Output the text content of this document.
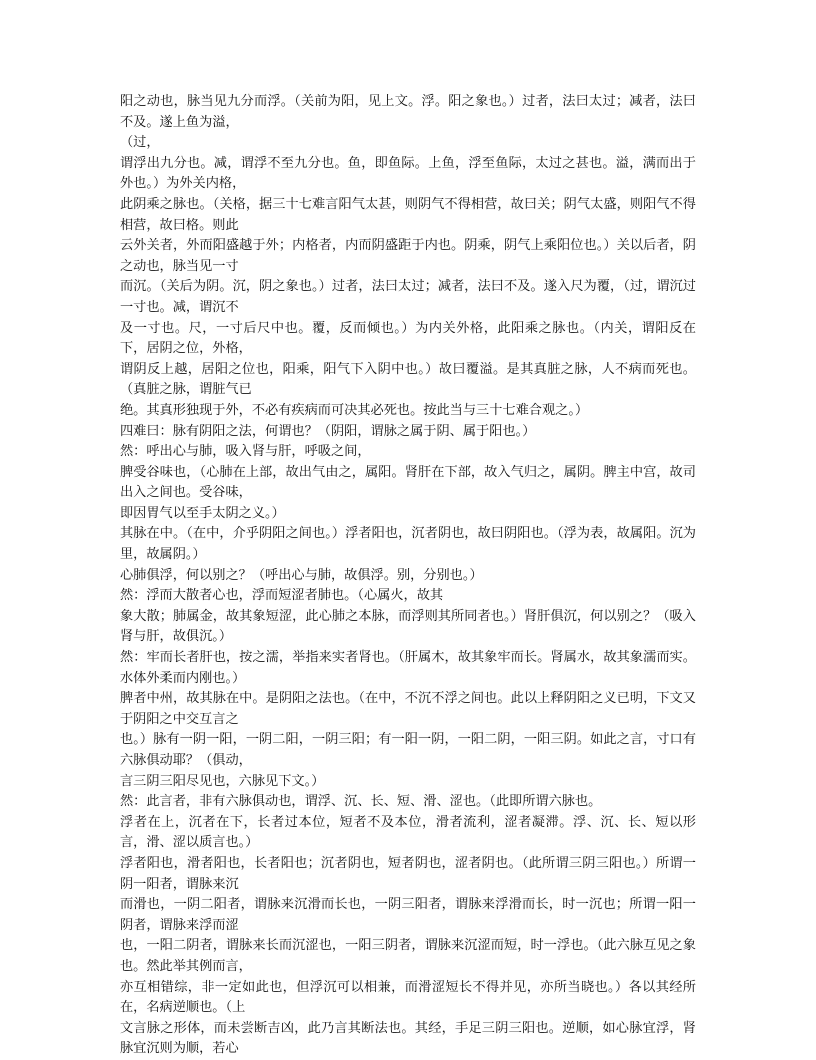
阳之动也，脉当见九分而浮。（关前为阳，见上文。浮。阳之象也。）过者，法曰太过；减者，法曰不及。遂上鱼为溢，

（过，

谓浮出九分也。减，谓浮不至九分也。鱼，即鱼际。上鱼，浮至鱼际，太过之甚也。溢，满而出于外也。）为外关内格，

此阴乘之脉也。（关格，据三十七难言阳气太甚，则阴气不得相营，故曰关；阴气太盛，则阳气不得相营，故曰格。则此

云外关者，外而阳盛越于外；内格者，内而阴盛距于内也。阴乘，阴气上乘阳位也。）关以后者，阴之动也，脉当见一寸

而沉。（关后为阴。沉，阴之象也。）过者，法曰太过；减者，法曰不及。遂入尺为覆，（过，谓沉过一寸也。减，谓沉不

及一寸也。尺，一寸后尺中也。覆，反而倾也。）为内关外格，此阳乘之脉也。（内关，谓阳反在下，居阴之位，外格，

谓阴反上越，居阳之位也，阳乘，阳气下入阴中也。）故曰覆溢。是其真脏之脉，人不病而死也。（真脏之脉，谓脏气已

绝。其真形独现于外，不必有疾病而可决其必死也。按此当与三十七难合观之。）

四难曰：脉有阴阳之法，何谓也？（阴阳，谓脉之属于阴、属于阳也。）

然：呼出心与肺，吸入肾与肝，呼吸之间，

脾受谷味也，（心肺在上部，故出气由之，属阳。肾肝在下部，故入气归之，属阴。脾主中宫，故司出入之间也。受谷味，

即因胃气以至手太阴之义。）

其脉在中。（在中，介乎阴阳之间也。）浮者阳也，沉者阴也，故曰阴阳也。（浮为表，故属阳。沉为里，故属阴。）

心肺俱浮，何以别之？（呼出心与肺，故俱浮。别，分别也。）

然：浮而大散者心也，浮而短涩者肺也。（心属火，故其

象大散；肺属金，故其象短涩，此心肺之本脉，而浮则其所同者也。）肾肝俱沉，何以别之？（吸入肾与肝，故俱沉。）

然：牢而长者肝也，按之濡，举指来实者肾也。（肝属木，故其象牢而长。肾属水，故其象濡而实。水体外柔而内刚也。）

脾者中州，故其脉在中。是阴阳之法也。（在中，不沉不浮之间也。此以上释阴阳之义已明，下文又于阴阳之中交互言之

也。）脉有一阴一阳，一阴二阳，一阴三阳；有一阳一阴，一阳二阴，一阳三阴。如此之言，寸口有六脉俱动耶？（俱动，

言三阴三阳尽见也，六脉见下文。）

然：此言者，非有六脉俱动也，谓浮、沉、长、短、滑、涩也。（此即所谓六脉也。

浮者在上，沉者在下，长者过本位，短者不及本位，滑者流利，涩者凝滞。浮、沉、长、短以形言，滑、涩以质言也。）

浮者阳也，滑者阳也，长者阳也；沉者阴也，短者阴也，涩者阴也。（此所谓三阴三阳也。）所谓一阴一阳者，谓脉来沉

而滑也，一阴二阳者，谓脉来沉滑而长也，一阴三阳者，谓脉来浮滑而长，时一沉也；所谓一阳一阴者，谓脉来浮而涩

也，一阳二阴者，谓脉来长而沉涩也，一阳三阴者，谓脉来沉涩而短，时一浮也。（此六脉互见之象也。然此举其例而言，

亦互相错综，非一定如此也，但浮沉可以相兼，而滑涩短长不得并见，亦所当晓也。）各以其经所在，名病逆顺也。（上

文言脉之形体，而未尝断吉凶，此乃言其断法也。其经，手足三阴三阳也。逆顺，如心脉宜浮，肾脉宜沉则为顺，若心
